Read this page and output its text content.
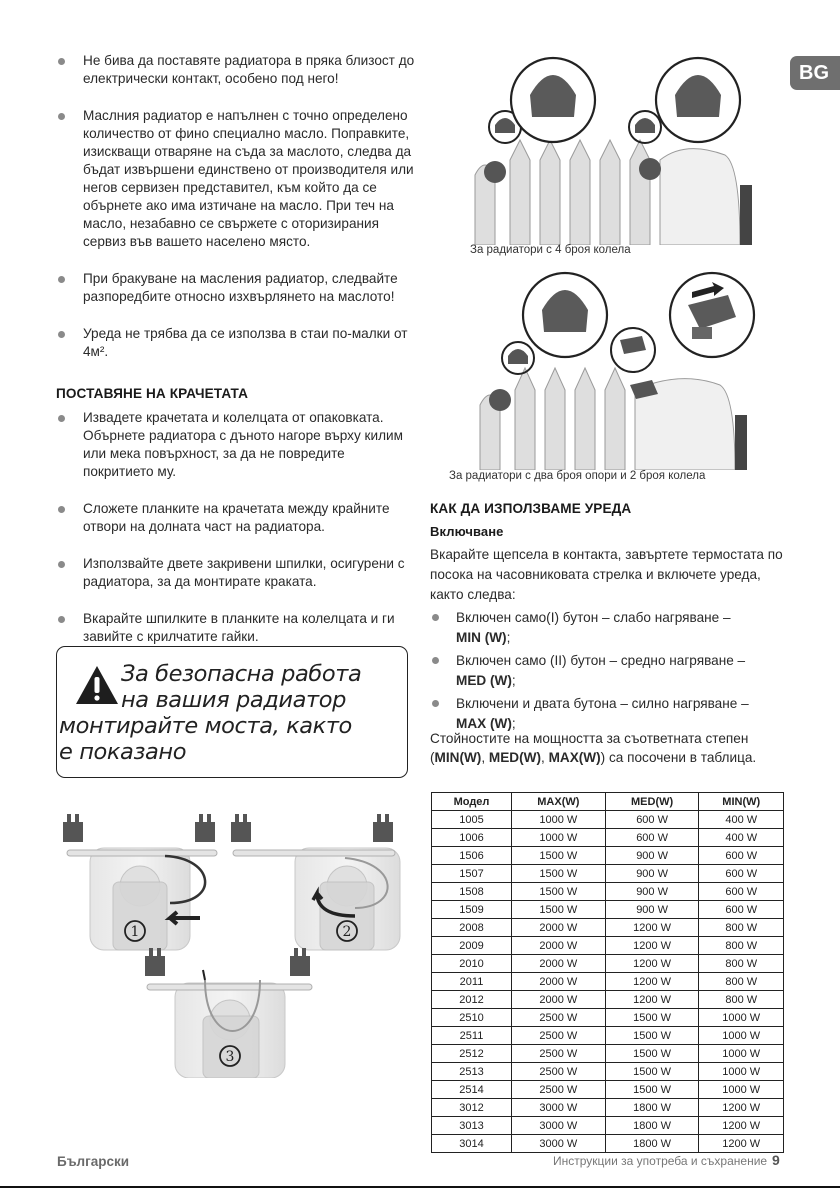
BG
Не бива да поставяте радиатора в пряка близост до електрически контакт, особено под него!
Маслния радиатор е напълнен с точно определено количество от фино специално масло. Поправките, изискващи отваряне на съда за маслото, следва да бъдат извършени единствено от производителя или негов сервизен представител, към който да се обърнете ако има изтичане на масло. При теч на масло, незабавно се свържете с оторизирания сервиз във вашето населено място.
При бракуване на масления радиатор, следвайте разпоредбите относно изхвърлянето на маслото!
Уреда не трябва да се използва в стаи по-малки от 4м².
ПОСТАВЯНЕ НА КРАЧЕТАТА
Извадете крачетата и колелцата от опаковката. Обърнете радиатора с дъното нагоре върху килим или мека повърхност, за да не повредите покритието му.
Сложете планките на крачетата между крайните отвори на долната част на радиатора.
Използвайте двете закривени шпилки, осигурени с радиатора, за да монтирате краката.
Вкарайте шпилките в планките на колелцата и ги завийте с крилчатите гайки.
За безопасна работа
на вашия радиатор
монтирайте моста, както
е показано
1	2
3
За радиатори с 4 броя колела
За радиатори с два броя опори и 2 броя колела
КАК ДА ИЗПОЛЗВАМЕ УРЕДА
Включване
Вкарайте щепсела в контакта, завъртете термостата по посока на часовниковата стрелка и включете уреда, както следва:
Включен само(I) бутон – слабо нагряване –
MIN (W);
Включен само (II) бутон – средно нагряване –
MED (W);
Включени и двата бутона – силно нагряване –
MAX (W);
Стойностите на мощността за съответната степен (MIN(W), MED(W), MAX(W)) са посочени в таблица.
Модел	MAX(W)	MED(W)	MIN(W)
1005	1000 W	600 W	400 W
1006	1000 W	600 W	400 W
1506	1500 W	900 W	600 W
1507	1500 W	900 W	600 W
1508	1500 W	900 W	600 W
1509	1500 W	900 W	600 W
2008	2000 W	1200 W	800 W
2009	2000 W	1200 W	800 W
2010	2000 W	1200 W	800 W
2011	2000 W	1200 W	800 W
2012	2000 W	1200 W	800 W
2510	2500 W	1500 W	1000 W
2511	2500 W	1500 W	1000 W
2512	2500 W	1500 W	1000 W
2513	2500 W	1500 W	1000 W
2514	2500 W	1500 W	1000 W
3012	3000 W	1800 W	1200 W
3013	3000 W	1800 W	1200 W
3014	3000 W	1800 W	1200 W
Български	Инструкции за употреба и съхранение 9
